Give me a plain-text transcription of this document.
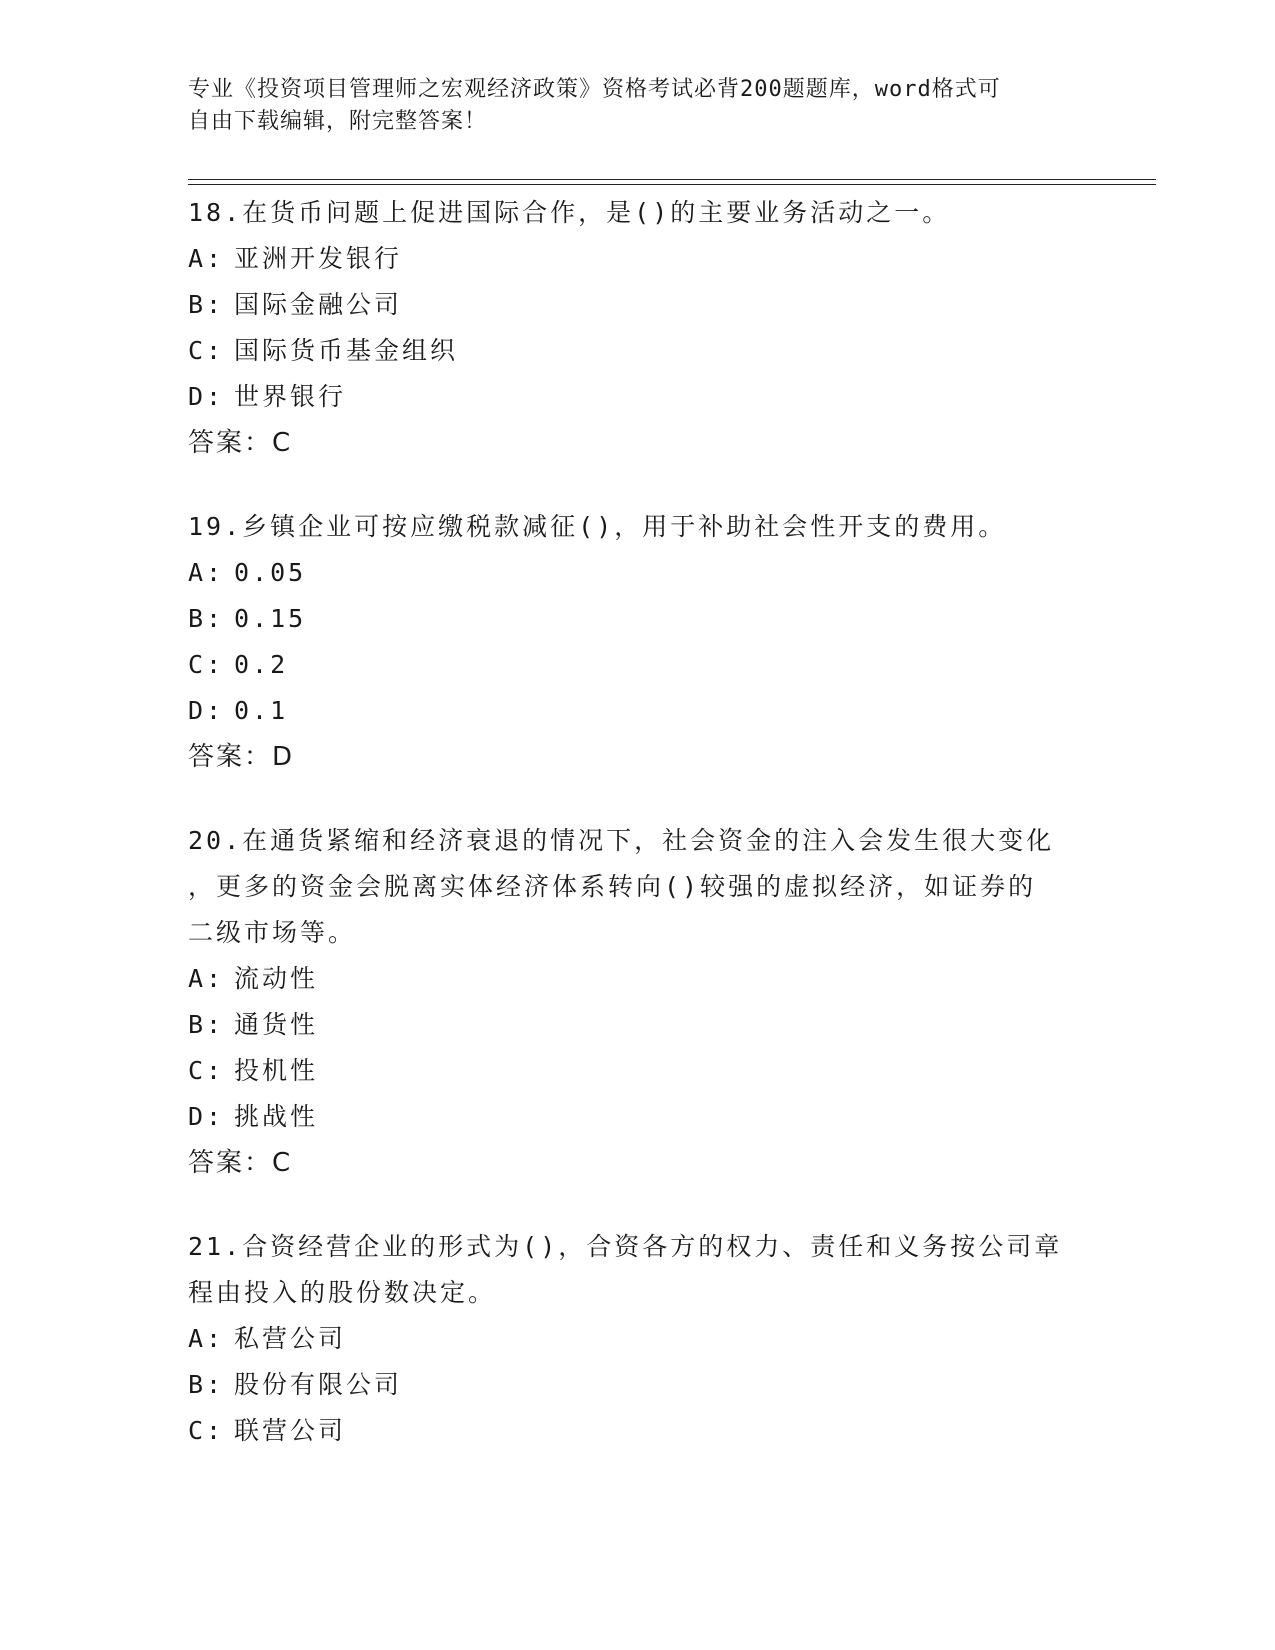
专业《投资项目管理师之宏观经济政策》资格考试必背200题题库，word格式可
自由下载编辑，附完整答案！
18.在货币问题上促进国际合作，是()的主要业务活动之一。
A: 亚洲开发银行
B: 国际金融公司
C: 国际货币基金组织
D: 世界银行
答案：C
19.乡镇企业可按应缴税款减征()，用于补助社会性开支的费用。
A: 0.05
B: 0.15
C: 0.2
D: 0.1
答案：D
20.在通货紧缩和经济衰退的情况下，社会资金的注入会发生很大变化
，更多的资金会脱离实体经济体系转向()较强的虚拟经济，如证券的
二级市场等。
A: 流动性
B: 通货性
C: 投机性
D: 挑战性
答案：C
21.合资经营企业的形式为()，合资各方的权力、责任和义务按公司章
程由投入的股份数决定。
A: 私营公司
B: 股份有限公司
C: 联营公司
